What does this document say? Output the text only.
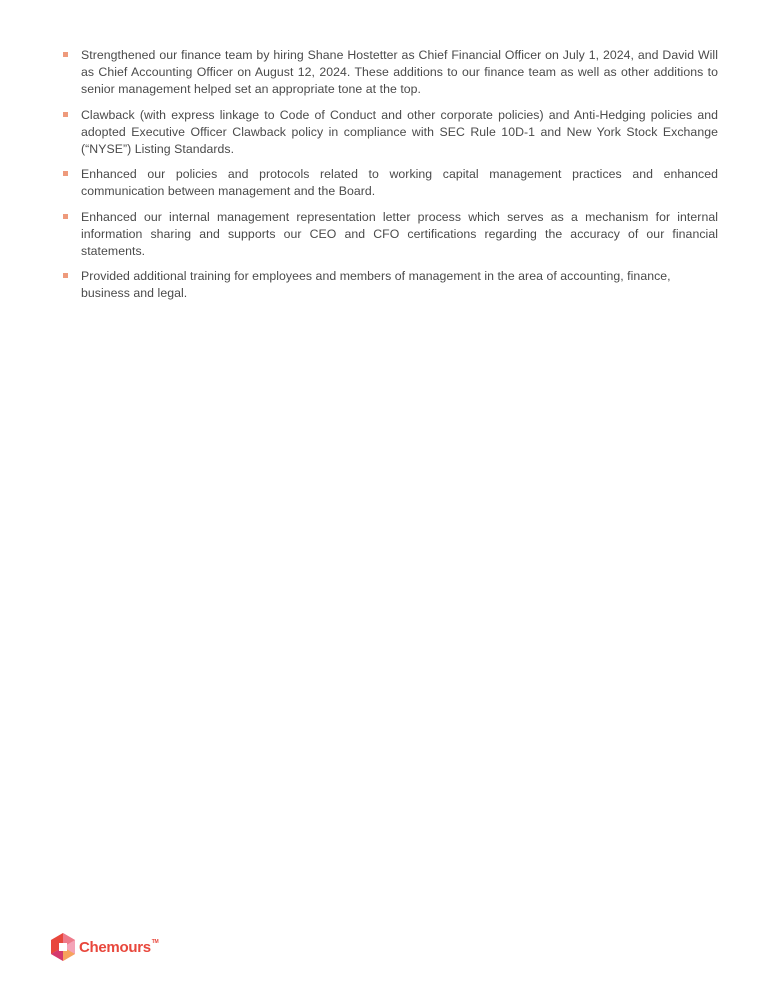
Strengthened our finance team by hiring Shane Hostetter as Chief Financial Officer on July 1, 2024, and David Will as Chief Accounting Officer on August 12, 2024. These additions to our finance team as well as other additions to senior management helped set an appropriate tone at the top.
Clawback (with express linkage to Code of Conduct and other corporate policies) and Anti-Hedging policies and adopted Executive Officer Clawback policy in compliance with SEC Rule 10D-1 and New York Stock Exchange (“NYSE”) Listing Standards.
Enhanced our policies and protocols related to working capital management practices and enhanced communication between management and the Board.
Enhanced our internal management representation letter process which serves as a mechanism for internal information sharing and supports our CEO and CFO certifications regarding the accuracy of our financial statements.
Provided additional training for employees and members of management in the area of accounting, finance, business and legal.
Chemours™
